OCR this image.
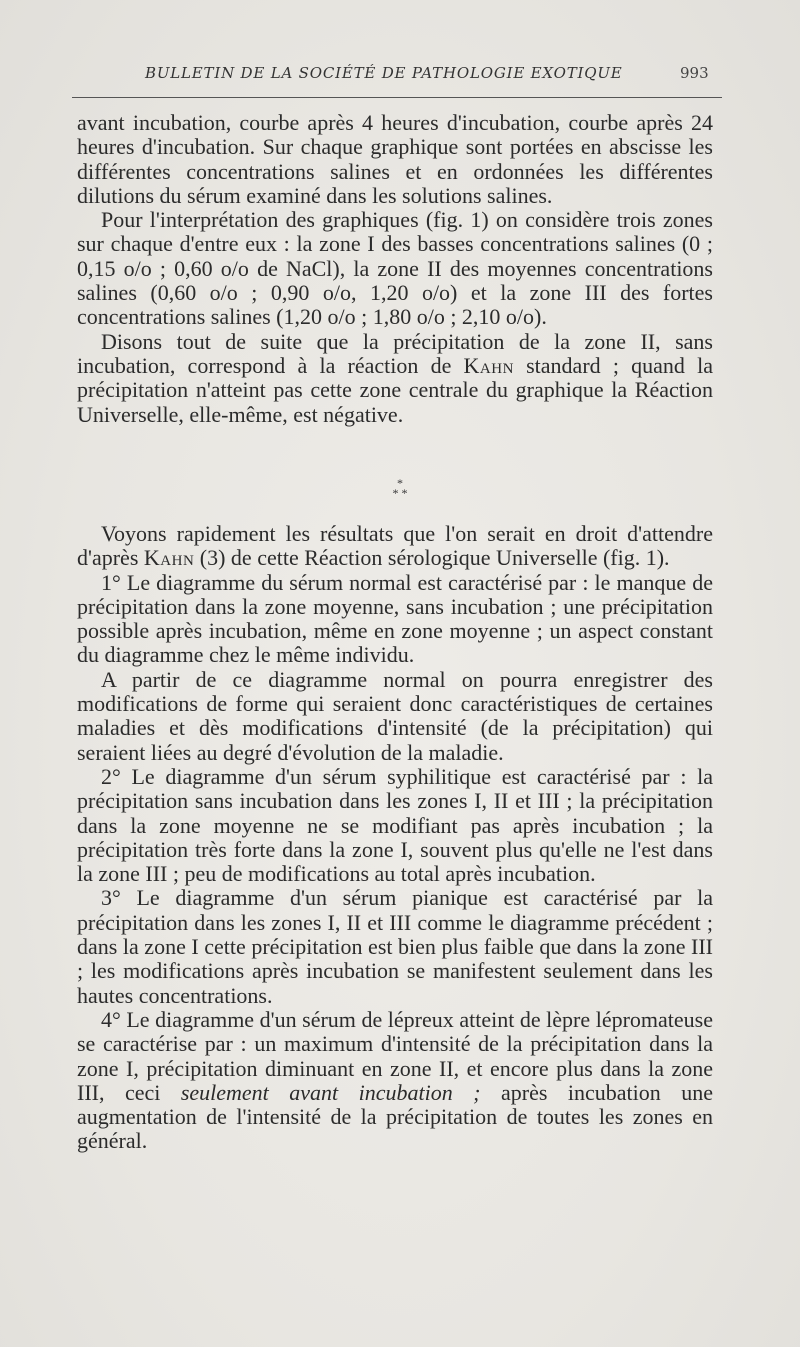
BULLETIN DE LA SOCIÉTÉ DE PATHOLOGIE EXOTIQUE	993

avant incubation, courbe après 4 heures d'incubation, courbe après 24 heures d'incubation. Sur chaque graphique sont portées en abscisse les différentes concentrations salines et en ordonnées les différentes dilutions du sérum examiné dans les solutions salines.

Pour l'interprétation des graphiques (fig. 1) on considère trois zones sur chaque d'entre eux : la zone I des basses concentrations salines (0 ; 0,15 o/o ; 0,60 o/o de NaCl), la zone II des moyennes concentrations salines (0,60 o/o ; 0,90 o/o, 1,20 o/o) et la zone III des fortes concentrations salines (1,20 o/o ; 1,80 o/o ; 2,10 o/o).

Disons tout de suite que la précipitation de la zone II, sans incubation, correspond à la réaction de Kahn standard ; quand la précipitation n'atteint pas cette zone centrale du graphique la Réaction Universelle, elle-même, est négative.

*
* *

Voyons rapidement les résultats que l'on serait en droit d'attendre d'après Kahn (3) de cette Réaction sérologique Universelle (fig. 1).

1° Le diagramme du sérum normal est caractérisé par : le manque de précipitation dans la zone moyenne, sans incubation ; une précipitation possible après incubation, même en zone moyenne ; un aspect constant du diagramme chez le même individu.

A partir de ce diagramme normal on pourra enregistrer des modifications de forme qui seraient donc caractéristiques de certaines maladies et dès modifications d'intensité (de la précipitation) qui seraient liées au degré d'évolution de la maladie.

2° Le diagramme d'un sérum syphilitique est caractérisé par : la précipitation sans incubation dans les zones I, II et III ; la précipitation dans la zone moyenne ne se modifiant pas après incubation ; la précipitation très forte dans la zone I, souvent plus qu'elle ne l'est dans la zone III ; peu de modifications au total après incubation.

3° Le diagramme d'un sérum pianique est caractérisé par la précipitation dans les zones I, II et III comme le diagramme précédent ; dans la zone I cette précipitation est bien plus faible que dans la zone III ; les modifications après incubation se manifestent seulement dans les hautes concentrations.

4° Le diagramme d'un sérum de lépreux atteint de lèpre lépromateuse se caractérise par : un maximum d'intensité de la précipitation dans la zone I, précipitation diminuant en zone II, et encore plus dans la zone III, ceci seulement avant incubation ; après incubation une augmentation de l'intensité de la précipitation de toutes les zones en général.
